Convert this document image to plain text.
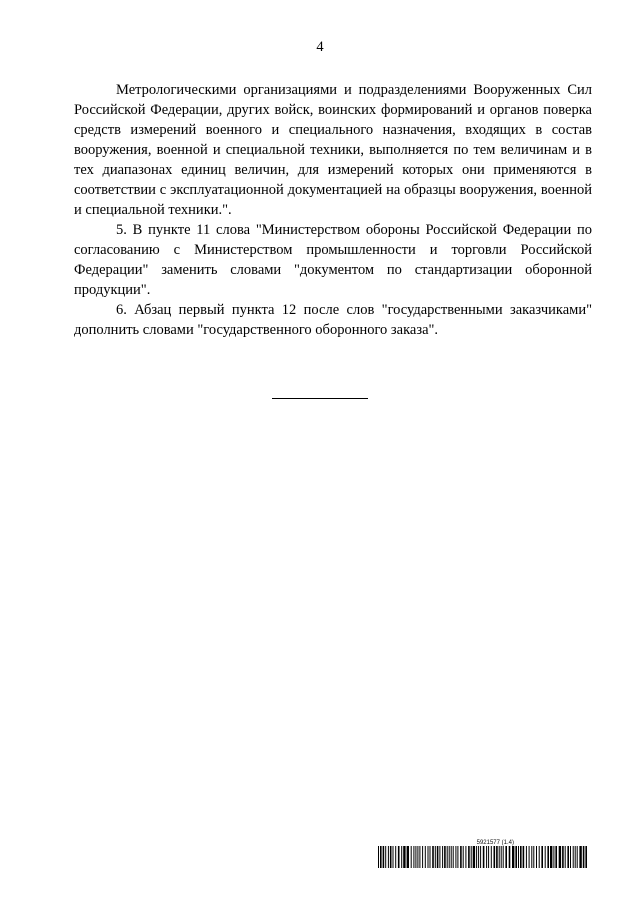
4

Метрологическими организациями и подразделениями Вооруженных Сил Российской Федерации, других войск, воинских формирований и органов поверка средств измерений военного и специального назначения, входящих в состав вооружения, военной и специальной техники, выполняется по тем величинам и в тех диапазонах единиц величин, для измерений которых они применяются в соответствии с эксплуатационной документацией на образцы вооружения, военной и специальной техники.".

5. В пункте 11 слова "Министерством обороны Российской Федерации по согласованию с Министерством промышленности и торговли Российской Федерации" заменить словами "документом по стандартизации оборонной продукции".

6. Абзац первый пункта 12 после слов "государственными заказчиками" дополнить словами "государственного оборонного заказа".

5921577 (1.4)
